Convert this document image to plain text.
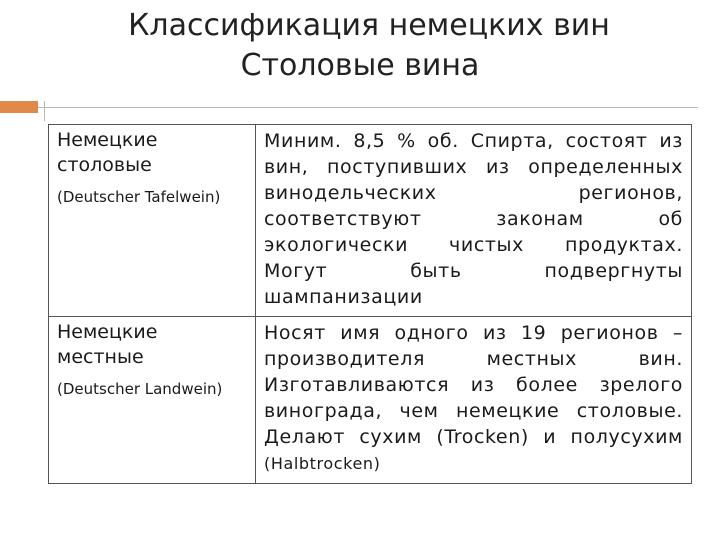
Классификация немецких вин
Столовые вина
Немецкие столовые
(Deutscher Tafelwein)	Миним. 8,5 % об. Спирта, состоят из вин, поступивших из определенных винодельческих регионов, соответствуют законам об экологически чистых продуктах. Могут быть подвергнуты шампанизации

Немецкие местные
(Deutscher Landwein)	Носят имя одного из 19 регионов – производителя местных вин. Изготавливаются из более зрелого винограда, чем немецкие столовые. Делают сухим (Trocken) и полусухим (Halbtrocken)
